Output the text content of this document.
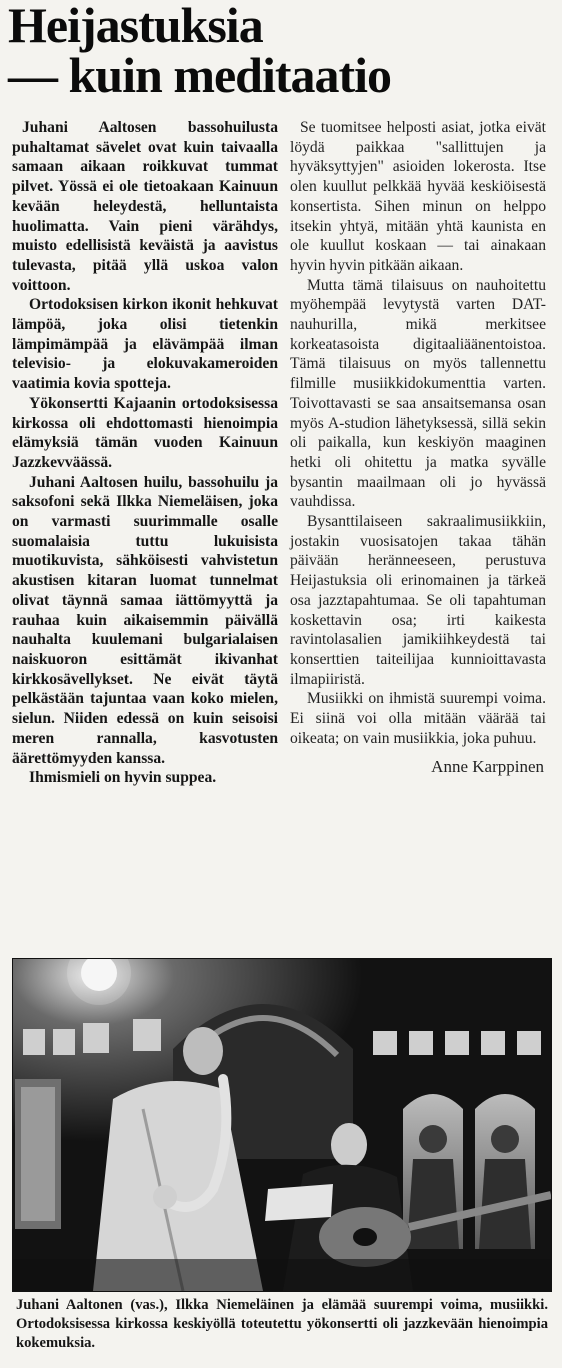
Heijastuksia
— kuin meditaatio

Juhani Aaltosen bassohuilusta puhaltamat sävelet ovat kuin taivaalla samaan aikaan roikkuvat tummat pilvet. Yössä ei ole tietoakaan Kainuun kevään heleydestä, helluntaista huolimatta. Vain pieni värähdys, muisto edellisistä keväistä ja aavistus tulevasta, pitää yllä uskoa valon voittoon.

Ortodoksisen kirkon ikonit hehkuvat lämpöä, joka olisi tietenkin lämpimämpää ja elävämpää ilman televisio- ja elokuvakameroiden vaatimia kovia spotteja.

Yökonsertti Kajaanin ortodoksisessa kirkossa oli ehdottomasti hienoimpia elämyksiä tämän vuoden Kainuun Jazzkevväässä.

Juhani Aaltosen huilu, bassohuilu ja saksofoni sekä Ilkka Niemeläisen, joka on varmasti suurimmalle osalle suomalaisia tuttu lukuisista muotikuvista, sähköisesti vahvistetun akustisen kitaran luomat tunnelmat olivat täynnä samaa iättömyyttä ja rauhaa kuin aikaisemmin päivällä nauhalta kuulemani bulgarialaisen naiskuoron esittämät ikivanhat kirkkosävellykset. Ne eivät täytä pelkästään tajuntaa vaan koko mielen, sielun. Niiden edessä on kuin seisoisi meren rannalla, kasvotusten äärettömyyden kanssa.

Ihmismieli on hyvin suppea.

Se tuomitsee helposti asiat, jotka eivät löydä paikkaa "sallittujen ja hyväksyttyjen" asioiden lokerosta. Itse olen kuullut pelkkää hyvää keskiöisestä konsertista. Sihen minun on helppo itsekin yhtyä, mitään yhtä kaunista en ole kuullut koskaan — tai ainakaan hyvin hyvin pitkään aikaan.

Mutta tämä tilaisuus on nauhoitettu myöhempää levytystä varten DAT-nauhurilla, mikä merkitsee korkeatasoista digitaaliäänentoistoa. Tämä tilaisuus on myös tallennettu filmille musiikkidokumenttia varten. Toivottavasti se saa ansaitsemansa osan myös A-studion lähetyksessä, sillä sekin oli paikalla, kun keskiyön maaginen hetki oli ohitettu ja matka syvälle bysantin maailmaan oli jo hyvässä vauhdissa.

Bysanttilaiseen sakraalimusiikkiin, jostakin vuosisatojen takaa tähän päivään heränneeseen, perustuva Heijastuksia oli erinomainen ja tärkeä osa jazztapahtumaa. Se oli tapahtuman koskettavin osa; irti kaikesta ravintolasalien jamikiihkeydestä tai konserttien taiteilijaa kunnioittavasta ilmapiiristä.

Musiikki on ihmistä suurempi voima. Ei siinä voi olla mitään väärää tai oikeata; on vain musiikkia, joka puhuu.

Anne Karppinen

Juhani Aaltonen (vas.), Ilkka Niemeläinen ja elämää suurempi voima, musiikki. Ortodoksisessa kirkossa keskiyöllä toteutettu yökonsertti oli jazzkevään hienoimpia kokemuksia.
